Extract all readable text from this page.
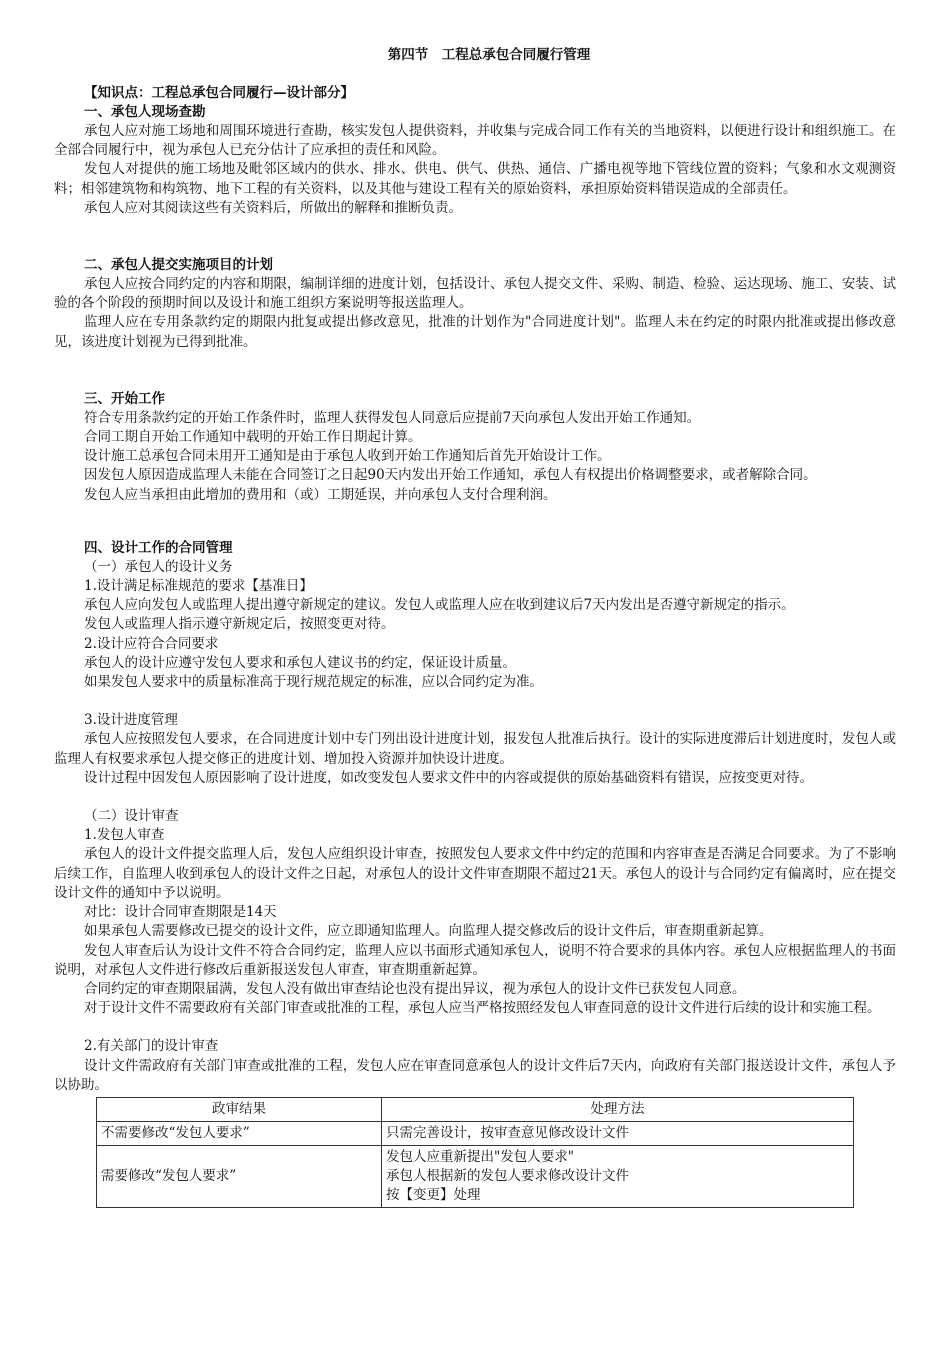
第四节　工程总承包合同履行管理
【知识点：工程总承包合同履行—设计部分】
一、承包人现场查勘

承包人应对施工场地和周围环境进行查勘，核实发包人提供资料，并收集与完成合同工作有关的当地资料，以便进行设计和组织施工。在全部合同履行中，视为承包人已充分估计了应承担的责任和风险。

发包人对提供的施工场地及毗邻区域内的供水、排水、供电、供气、供热、通信、广播电视等地下管线位置的资料；气象和水文观测资料；相邻建筑物和构筑物、地下工程的有关资料，以及其他与建设工程有关的原始资料，承担原始资料错误造成的全部责任。

承包人应对其阅读这些有关资料后，所做出的解释和推断负责。

二、承包人提交实施项目的计划

承包人应按合同约定的内容和期限，编制详细的进度计划，包括设计、承包人提交文件、采购、制造、检验、运达现场、施工、安装、试验的各个阶段的预期时间以及设计和施工组织方案说明等报送监理人。

监理人应在专用条款约定的期限内批复或提出修改意见，批准的计划作为"合同进度计划"。监理人未在约定的时限内批准或提出修改意见，该进度计划视为已得到批准。

三、开始工作

符合专用条款约定的开始工作条件时，监理人获得发包人同意后应提前7天向承包人发出开始工作通知。

合同工期自开始工作通知中载明的开始工作日期起计算。

设计施工总承包合同未用开工通知是由于承包人收到开始工作通知后首先开始设计工作。

因发包人原因造成监理人未能在合同签订之日起90天内发出开始工作通知，承包人有权提出价格调整要求，或者解除合同。

发包人应当承担由此增加的费用和（或）工期延误，并向承包人支付合理利润。

四、设计工作的合同管理
（一）承包人的设计义务
1.设计满足标准规范的要求【基准日】

承包人应向发包人或监理人提出遵守新规定的建议。发包人或监理人应在收到建议后7天内发出是否遵守新规定的指示。

发包人或监理人指示遵守新规定后，按照变更对待。
2.设计应符合合同要求

承包人的设计应遵守发包人要求和承包人建议书的约定，保证设计质量。

如果发包人要求中的质量标准高于现行规范规定的标准，应以合同约定为准。

3.设计进度管理

承包人应按照发包人要求，在合同进度计划中专门列出设计进度计划，报发包人批准后执行。设计的实际进度滞后计划进度时，发包人或监理人有权要求承包人提交修正的进度计划、增加投入资源并加快设计进度。

设计过程中因发包人原因影响了设计进度，如改变发包人要求文件中的内容或提供的原始基础资料有错误，应按变更对待。

（二）设计审查
1.发包人审查

承包人的设计文件提交监理人后，发包人应组织设计审查，按照发包人要求文件中约定的范围和内容审查是否满足合同要求。为了不影响后续工作，自监理人收到承包人的设计文件之日起，对承包人的设计文件审查期限不超过21天。承包人的设计与合同约定有偏离时，应在提交设计文件的通知中予以说明。

对比：设计合同审查期限是14天

如果承包人需要修改已提交的设计文件，应立即通知监理人。向监理人提交修改后的设计文件后，审查期重新起算。

发包人审查后认为设计文件不符合合同约定，监理人应以书面形式通知承包人，说明不符合要求的具体内容。承包人应根据监理人的书面说明，对承包人文件进行修改后重新报送发包人审查，审查期重新起算。

合同约定的审查期限届满，发包人没有做出审查结论也没有提出异议，视为承包人的设计文件已获发包人同意。

对于设计文件不需要政府有关部门审查或批准的工程，承包人应当严格按照经发包人审查同意的设计文件进行后续的设计和实施工程。

2.有关部门的设计审查

设计文件需政府有关部门审查或批准的工程，发包人应在审查同意承包人的设计文件后7天内，向政府有关部门报送设计文件，承包人予以协助。

政审结果	处理方法
不需要修改“发包人要求”	只需完善设计，按审查意见修改设计文件
需要修改“发包人要求”	发包人应重新提出"发包人要求"
承包人根据新的发包人要求修改设计文件
按【变更】处理
